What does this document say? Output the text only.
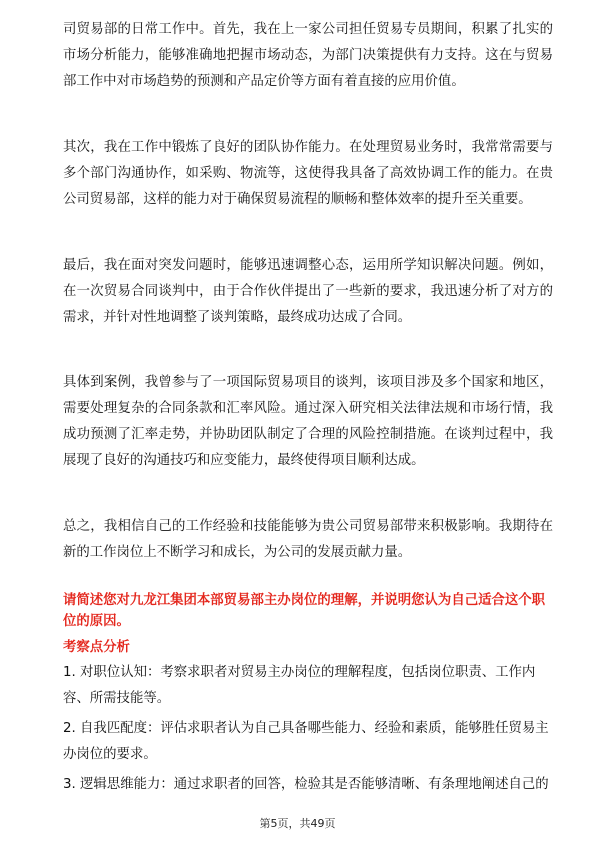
司贸易部的日常工作中。首先，我在上一家公司担任贸易专员期间，积累了扎实的市场分析能力，能够准确地把握市场动态，为部门决策提供有力支持。这在与贸易部工作中对市场趋势的预测和产品定价等方面有着直接的应用价值。

其次，我在工作中锻炼了良好的团队协作能力。在处理贸易业务时，我常常需要与多个部门沟通协作，如采购、物流等，这使得我具备了高效协调工作的能力。在贵公司贸易部，这样的能力对于确保贸易流程的顺畅和整体效率的提升至关重要。

最后，我在面对突发问题时，能够迅速调整心态，运用所学知识解决问题。例如，在一次贸易合同谈判中，由于合作伙伴提出了一些新的要求，我迅速分析了对方的需求，并针对性地调整了谈判策略，最终成功达成了合同。

具体到案例，我曾参与了一项国际贸易项目的谈判，该项目涉及多个国家和地区，需要处理复杂的合同条款和汇率风险。通过深入研究相关法律法规和市场行情，我成功预测了汇率走势，并协助团队制定了合理的风险控制措施。在谈判过程中，我展现了良好的沟通技巧和应变能力，最终使得项目顺利达成。

总之，我相信自己的工作经验和技能能够为贵公司贸易部带来积极影响。我期待在新的工作岗位上不断学习和成长，为公司的发展贡献力量。

请简述您对九龙江集团本部贸易部主办岗位的理解，并说明您认为自己适合这个职位的原因。

考察点分析

1. 对职位认知：考察求职者对贸易主办岗位的理解程度，包括岗位职责、工作内容、所需技能等。

2. 自我匹配度：评估求职者认为自己具备哪些能力、经验和素质，能够胜任贸易主办岗位的要求。

3. 逻辑思维能力：通过求职者的回答，检验其是否能够清晰、有条理地阐述自己的

第5页，共49页
